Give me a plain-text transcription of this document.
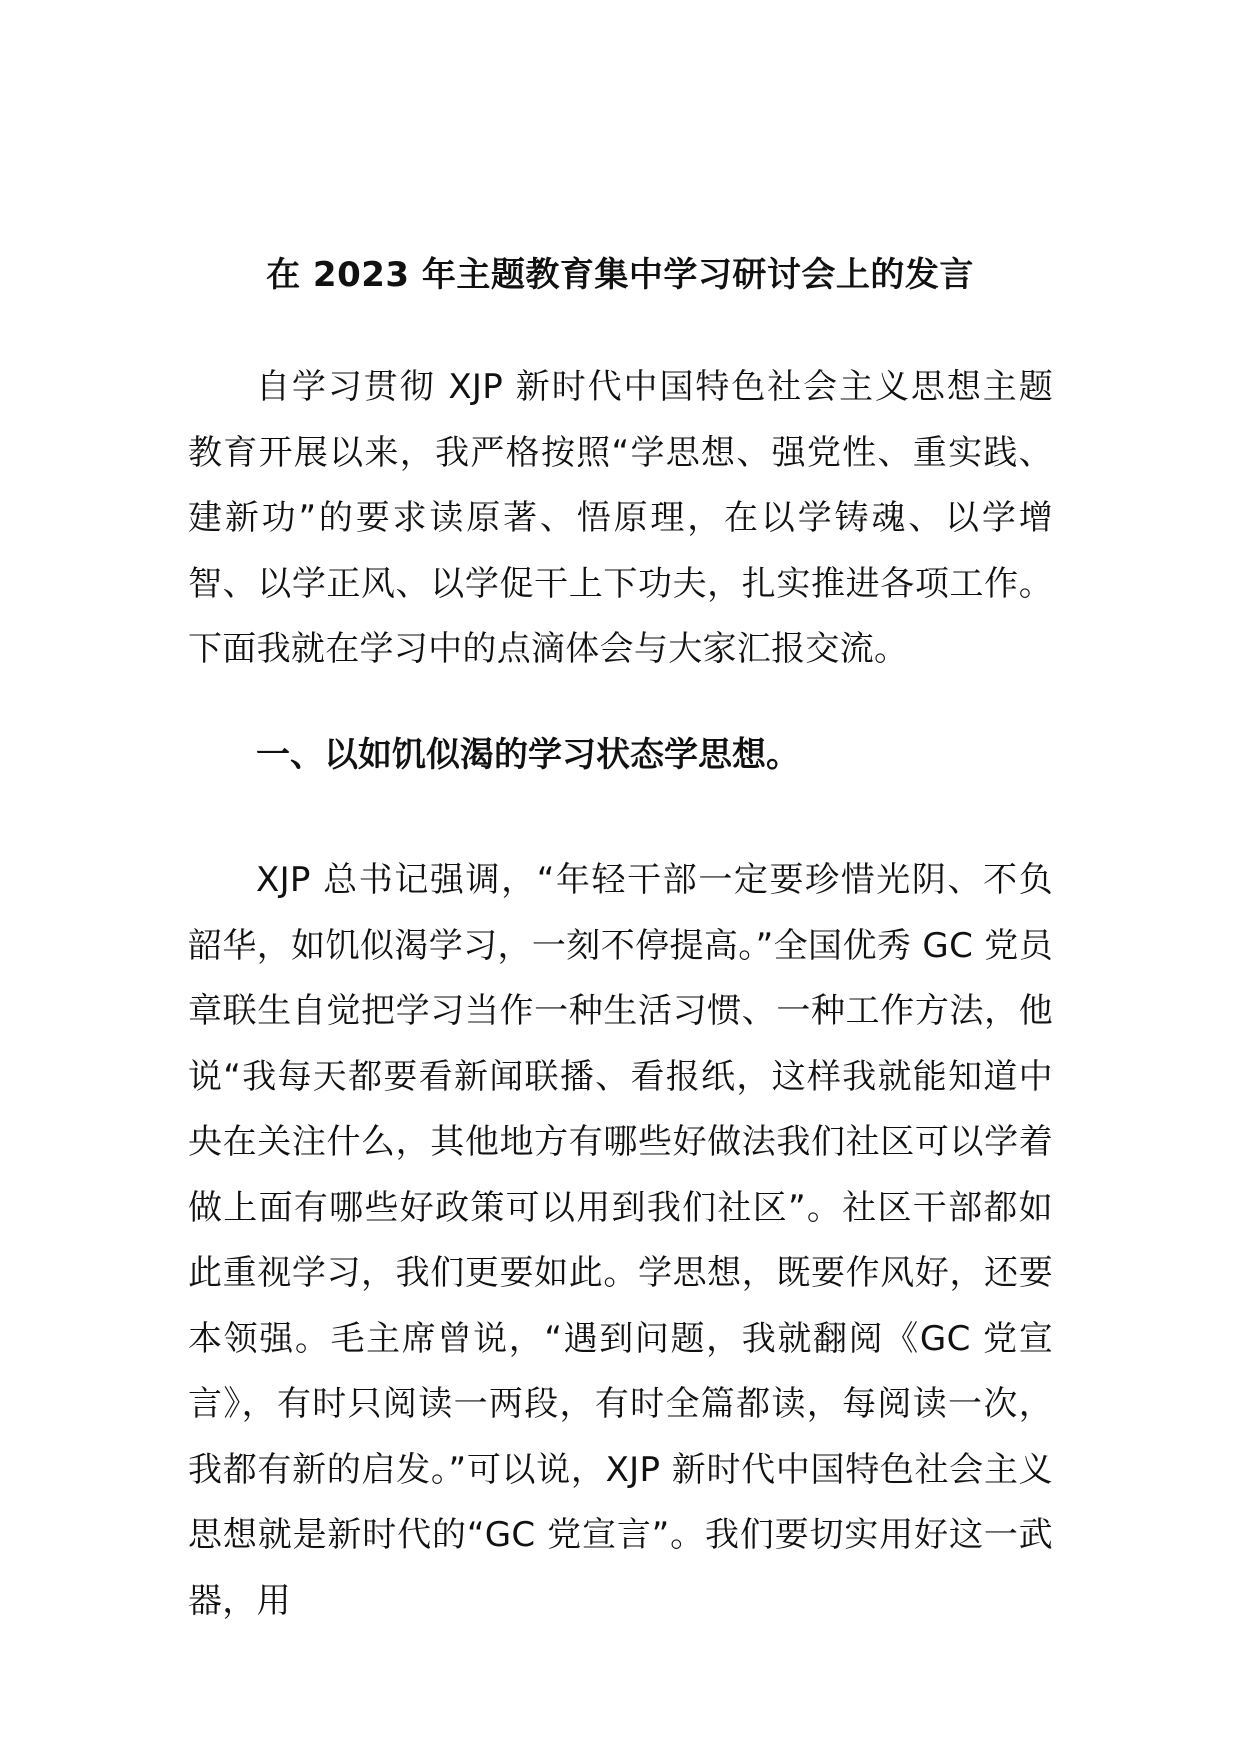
在 2023 年主题教育集中学习研讨会上的发言

自学习贯彻 XJP 新时代中国特色社会主义思想主题教育开展以来，我严格按照“学思想、强党性、重实践、建新功”的要求读原著、悟原理，在以学铸魂、以学增智、以学正风、以学促干上下功夫，扎实推进各项工作。下面我就在学习中的点滴体会与大家汇报交流。

一、以如饥似渴的学习状态学思想。

XJP 总书记强调，“年轻干部一定要珍惜光阴、不负韶华，如饥似渴学习，一刻不停提高。”全国优秀 GC 党员章联生自觉把学习当作一种生活习惯、一种工作方法，他说“我每天都要看新闻联播、看报纸，这样我就能知道中央在关注什么，其他地方有哪些好做法我们社区可以学着做上面有哪些好政策可以用到我们社区”。社区干部都如此重视学习，我们更要如此。学思想，既要作风好，还要本领强。毛主席曾说，“遇到问题，我就翻阅《GC 党宣言》，有时只阅读一两段，有时全篇都读，每阅读一次，我都有新的启发。”可以说，XJP 新时代中国特色社会主义思想就是新时代的“GC 党宣言”。我们要切实用好这一武器，用
